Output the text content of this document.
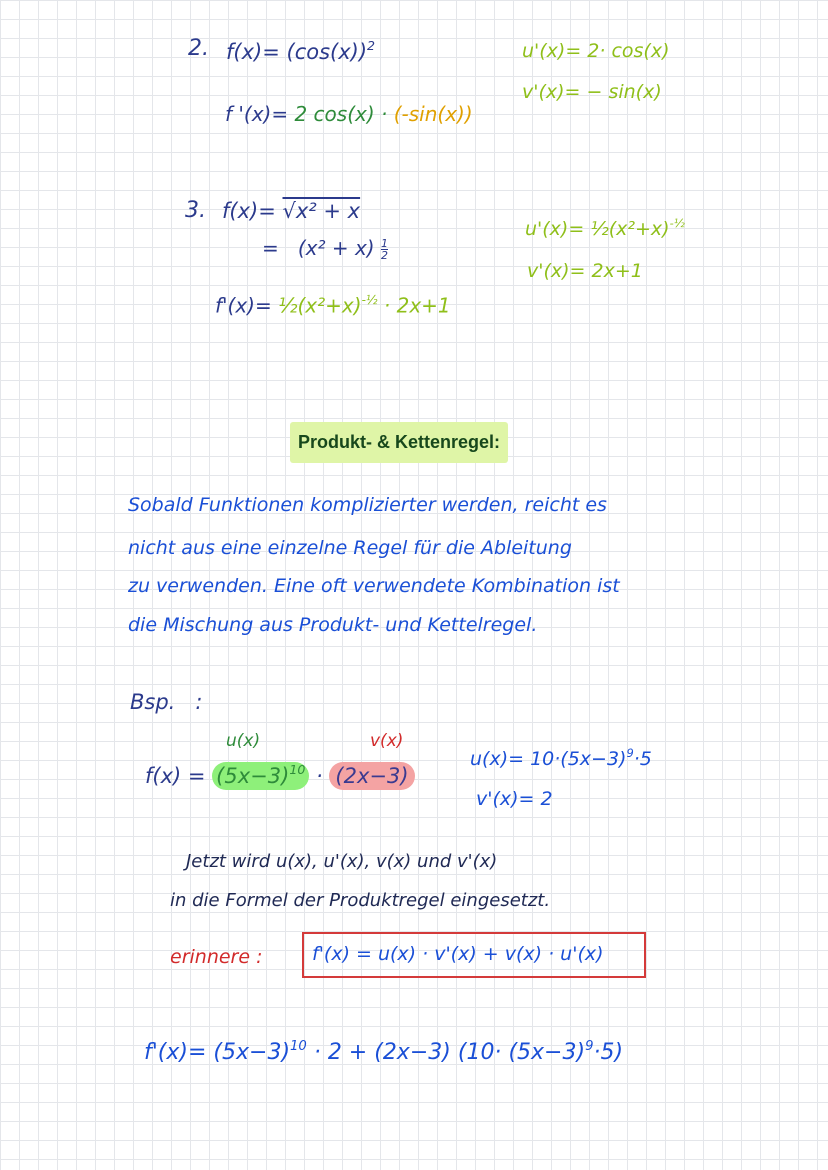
2. $f(x)= (\cos(x))^2$	u'(x)= 2· cos(x)
v'(x)= − sin(x)
f '(x)= 2 cos(x) · (-sin(x))
3. f(x)= √x² + x
= $(x^2 + x) \frac{1}{2}$
$u'(x)= \frac{1}{2}(x^2+x)^{-\frac{1}{2}}$
v'(x)= 2x+1
$f'(x)= \frac{1}{2}(x^2+x)^{-\frac{1}{2}} \cdot 2x+1$
Produkt- & Kettenregel:
Sobald Funktionen komplizierter werden, reicht es
nicht aus eine einzelne Regel für die Ableitung
zu verwenden. Eine oft verwendete Kombination ist
die Mischung aus Produkt- und Kettelregel.
Bsp. :
u(x)	v(x)
$f(x) = (5x-3)^{10} \cdot (2x-3)$
$u(x)= 10\cdot(5x-3)^9\cdot 5$
v'(x)= 2
Jetzt wird u(x), u'(x), v(x) und v'(x)
in die Formel der Produktregel eingesetzt.
erinnere :	f'(x) = u(x) · v'(x) + v(x) · u'(x)
$f'(x)= (5x-3)^{10} \cdot 2 + (2x-3)$ $(10\cdot (5x-3)^9\cdot 5)$
